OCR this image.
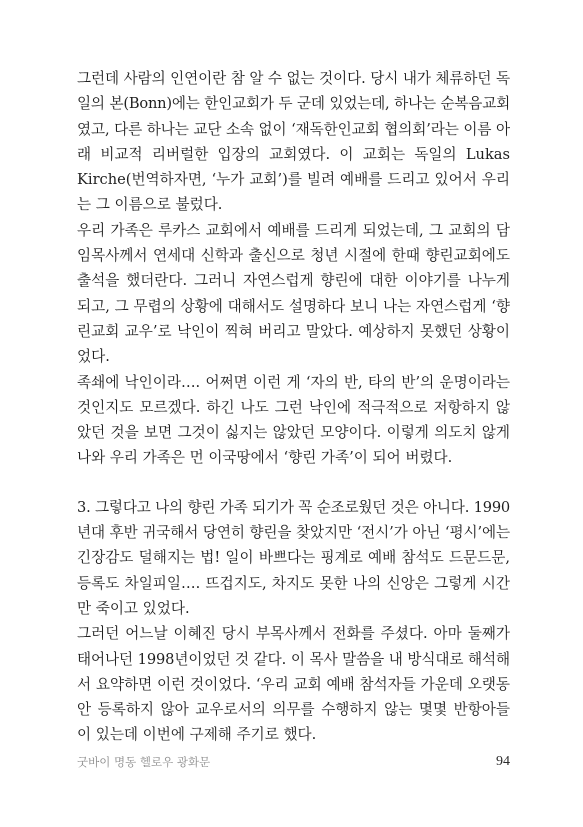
그런데 사람의 인연이란 참 알 수 없는 것이다. 당시 내가 체류하던 독
일의 본(Bonn)에는 한인교회가 두 군데 있었는데, 하나는 순복음교회
였고, 다른 하나는 교단 소속 없이 ‘재독한인교회 협의회’라는 이름 아
래 비교적 리버럴한 입장의 교회였다. 이 교회는 독일의 Lukas
Kirche(번역하자면, ‘누가 교회’)를 빌려 예배를 드리고 있어서 우리
는 그 이름으로 불렀다.
우리 가족은 루카스 교회에서 예배를 드리게 되었는데, 그 교회의 담
임목사께서 연세대 신학과 출신으로 청년 시절에 한때 향린교회에도
출석을 했더란다. 그러니 자연스럽게 향린에 대한 이야기를 나누게
되고, 그 무렵의 상황에 대해서도 설명하다 보니 나는 자연스럽게 ‘향
린교회 교우’로 낙인이 찍혀 버리고 말았다. 예상하지 못했던 상황이
었다.
족쇄에 낙인이라…. 어쩌면 이런 게 ‘자의 반, 타의 반’의 운명이라는
것인지도 모르겠다. 하긴 나도 그런 낙인에 적극적으로 저항하지 않
았던 것을 보면 그것이 싫지는 않았던 모양이다. 이렇게 의도치 않게
나와 우리 가족은 먼 이국땅에서 ‘향린 가족’이 되어 버렸다.
3. 그렇다고 나의 향린 가족 되기가 꼭 순조로웠던 것은 아니다. 1990
년대 후반 귀국해서 당연히 향린을 찾았지만 ‘전시’가 아닌 ‘평시’에는
긴장감도 덜해지는 법! 일이 바쁘다는 핑계로 예배 참석도 드문드문,
등록도 차일피일…. 뜨겁지도, 차지도 못한 나의 신앙은 그렇게 시간
만 죽이고 있었다.
그러던 어느날 이혜진 당시 부목사께서 전화를 주셨다. 아마 둘째가
태어나던 1998년이었던 것 같다. 이 목사 말씀을 내 방식대로 해석해
서 요약하면 이런 것이었다. ‘우리 교회 예배 참석자들 가운데 오랫동
안 등록하지 않아 교우로서의 의무를 수행하지 않는 몇몇 반항아들
이 있는데 이번에 구제해 주기로 했다.
굿바이 명동 헬로우 광화문	94
